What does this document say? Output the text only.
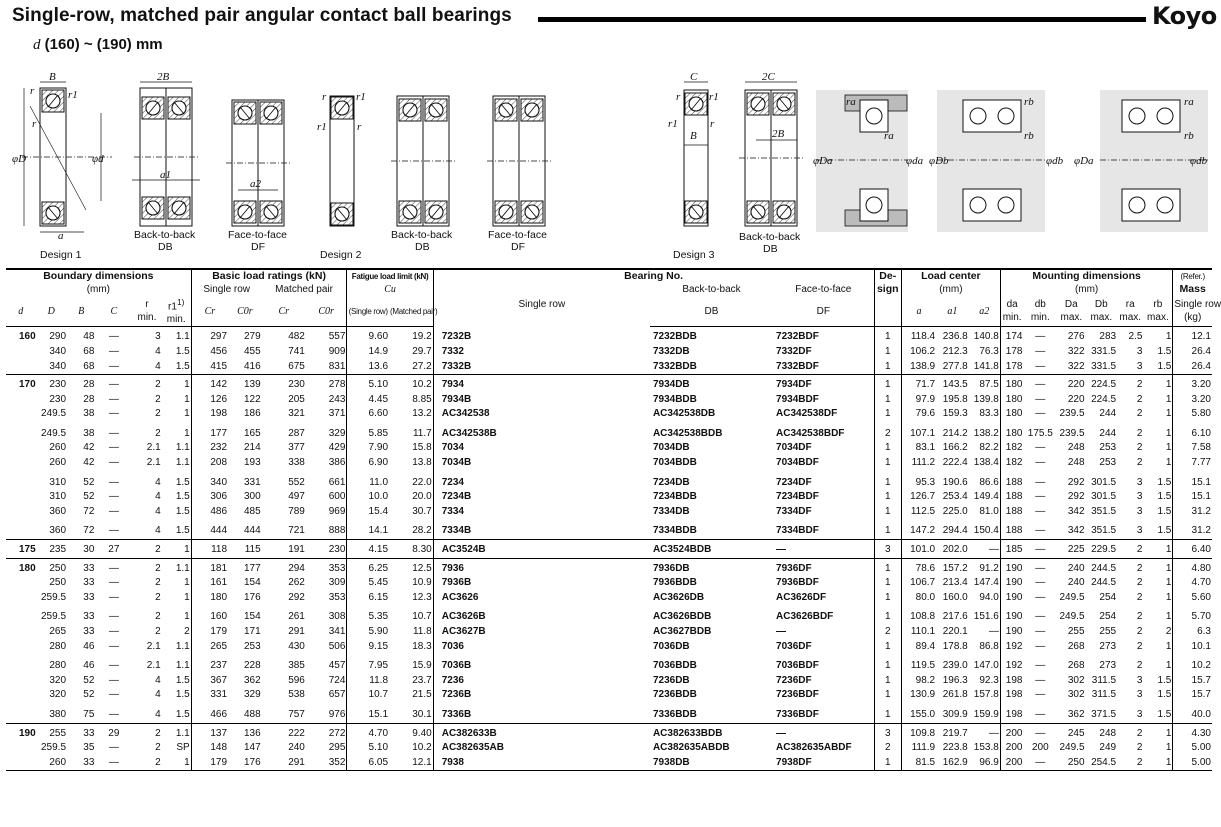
Single-row, matched pair angular contact ball bearings	Koyo
d (160) ~ (190) mm
B
r	r1
r
φD	φd
a
Design 1
2B
a1
Back-to-back
DB
a2
Face-to-face
DF
r	r1
r1	r
Design 2
Back-to-back
DB
Face-to-face
DF
C
B
r	r1
r1	r
Design 3
2C
2B
Back-to-back
DB
ra
ra
φDa	φda
rb
rb
φDb	φdb
ra
rb
φDa	φdb
Boundary dimensions						Basic load ratings (kN)				Fatigue load limit (kN)		Bearing No.			De-
sign	Load center			Mounting dimensions						(Refer.)
(mm)						Single row		Matched pair		Cu		Single row	Back-to-back	Face-to-face		(mm)			(mm)						Mass
d	D	B	C	r
min.	r1$^{1)}$
min.	Cr	C0r	Cr	C0r	(Single row)	(Matched pair)		DB	DF		a	a1	a2	da
min.	db
min.	Da
max.	Db
max.	ra
max.	rb
max.	Single row
(kg)
160	290	48	—	3	1.1	297	279	482	557	9.60	19.2	7232B	7232BDB	7232BDF	1	118.4	236.8	140.8	174	—	276	283	2.5	1	12.1
	340	68	—	4	1.5	456	455	741	909	14.9	29.7	7332	7332DB	7332DF	1	106.2	212.3	76.3	178	—	322	331.5	3	1.5	26.4
	340	68	—	4	1.5	415	416	675	831	13.6	27.2	7332B	7332BDB	7332BDF	1	138.9	277.8	141.8	178	—	322	331.5	3	1.5	26.4
170	230	28	—	2	1	142	139	230	278	5.10	10.2	7934	7934DB	7934DF	1	71.7	143.5	87.5	180	—	220	224.5	2	1	3.20
	230	28	—	2	1	126	122	205	243	4.45	8.85	7934B	7934BDB	7934BDF	1	97.9	195.8	139.8	180	—	220	224.5	2	1	3.20
	249.5	38	—	2	1	198	186	321	371	6.60	13.2	AC342538	AC342538DB	AC342538DF	1	79.6	159.3	83.3	180	—	239.5	244	2	1	5.80

	249.5	38	—	2	1	177	165	287	329	5.85	11.7	AC342538B	AC342538BDB	AC342538BDF	2	107.1	214.2	138.2	180	175.5	239.5	244	2	1	6.10
	260	42	—	2.1	1.1	232	214	377	429	7.90	15.8	7034	7034DB	7034DF	1	83.1	166.2	82.2	182	—	248	253	2	1	7.58
	260	42	—	2.1	1.1	208	193	338	386	6.90	13.8	7034B	7034BDB	7034BDF	1	111.2	222.4	138.4	182	—	248	253	2	1	7.77

	310	52	—	4	1.5	340	331	552	661	11.0	22.0	7234	7234DB	7234DF	1	95.3	190.6	86.6	188	—	292	301.5	3	1.5	15.1
	310	52	—	4	1.5	306	300	497	600	10.0	20.0	7234B	7234BDB	7234BDF	1	126.7	253.4	149.4	188	—	292	301.5	3	1.5	15.1
	360	72	—	4	1.5	486	485	789	969	15.4	30.7	7334	7334DB	7334DF	1	112.5	225.0	81.0	188	—	342	351.5	3	1.5	31.2

	360	72	—	4	1.5	444	444	721	888	14.1	28.2	7334B	7334BDB	7334BDF	1	147.2	294.4	150.4	188	—	342	351.5	3	1.5	31.2
175	235	30	27	2	1	118	115	191	230	4.15	8.30	AC3524B	AC3524BDB	—	3	101.0	202.0	—	185	—	225	229.5	2	1	6.40
180	250	33	—	2	1.1	181	177	294	353	6.25	12.5	7936	7936DB	7936DF	1	78.6	157.2	91.2	190	—	240	244.5	2	1	4.80
	250	33	—	2	1	161	154	262	309	5.45	10.9	7936B	7936BDB	7936BDF	1	106.7	213.4	147.4	190	—	240	244.5	2	1	4.70
	259.5	33	—	2	1	180	176	292	353	6.15	12.3	AC3626	AC3626DB	AC3626DF	1	80.0	160.0	94.0	190	—	249.5	254	2	1	5.60

	259.5	33	—	2	1	160	154	261	308	5.35	10.7	AC3626B	AC3626BDB	AC3626BDF	1	108.8	217.6	151.6	190	—	249.5	254	2	1	5.70
	265	33	—	2	2	179	171	291	341	5.90	11.8	AC3627B	AC3627BDB	—	2	110.1	220.1	—	190	—	255	255	2	2	6.3
	280	46	—	2.1	1.1	265	253	430	506	9.15	18.3	7036	7036DB	7036DF	1	89.4	178.8	86.8	192	—	268	273	2	1	10.1

	280	46	—	2.1	1.1	237	228	385	457	7.95	15.9	7036B	7036BDB	7036BDF	1	119.5	239.0	147.0	192	—	268	273	2	1	10.2
	320	52	—	4	1.5	367	362	596	724	11.8	23.7	7236	7236DB	7236DF	1	98.2	196.3	92.3	198	—	302	311.5	3	1.5	15.7
	320	52	—	4	1.5	331	329	538	657	10.7	21.5	7236B	7236BDB	7236BDF	1	130.9	261.8	157.8	198	—	302	311.5	3	1.5	15.7

	380	75	—	4	1.5	466	488	757	976	15.1	30.1	7336B	7336BDB	7336BDF	1	155.0	309.9	159.9	198	—	362	371.5	3	1.5	40.0
190	255	33	29	2	1.1	137	136	222	272	4.70	9.40	AC382633B	AC382633BDB	—	3	109.8	219.7	—	200	—	245	248	2	1	4.30
	259.5	35	—	2	SP	148	147	240	295	5.10	10.2	AC382635AB	AC382635ABDB	AC382635ABDF	2	111.9	223.8	153.8	200	200	249.5	249	2	1	5.00
	260	33	—	2	1	179	176	291	352	6.05	12.1	7938	7938DB	7938DF	1	81.5	162.9	96.9	200	—	250	254.5	2	1	5.00
